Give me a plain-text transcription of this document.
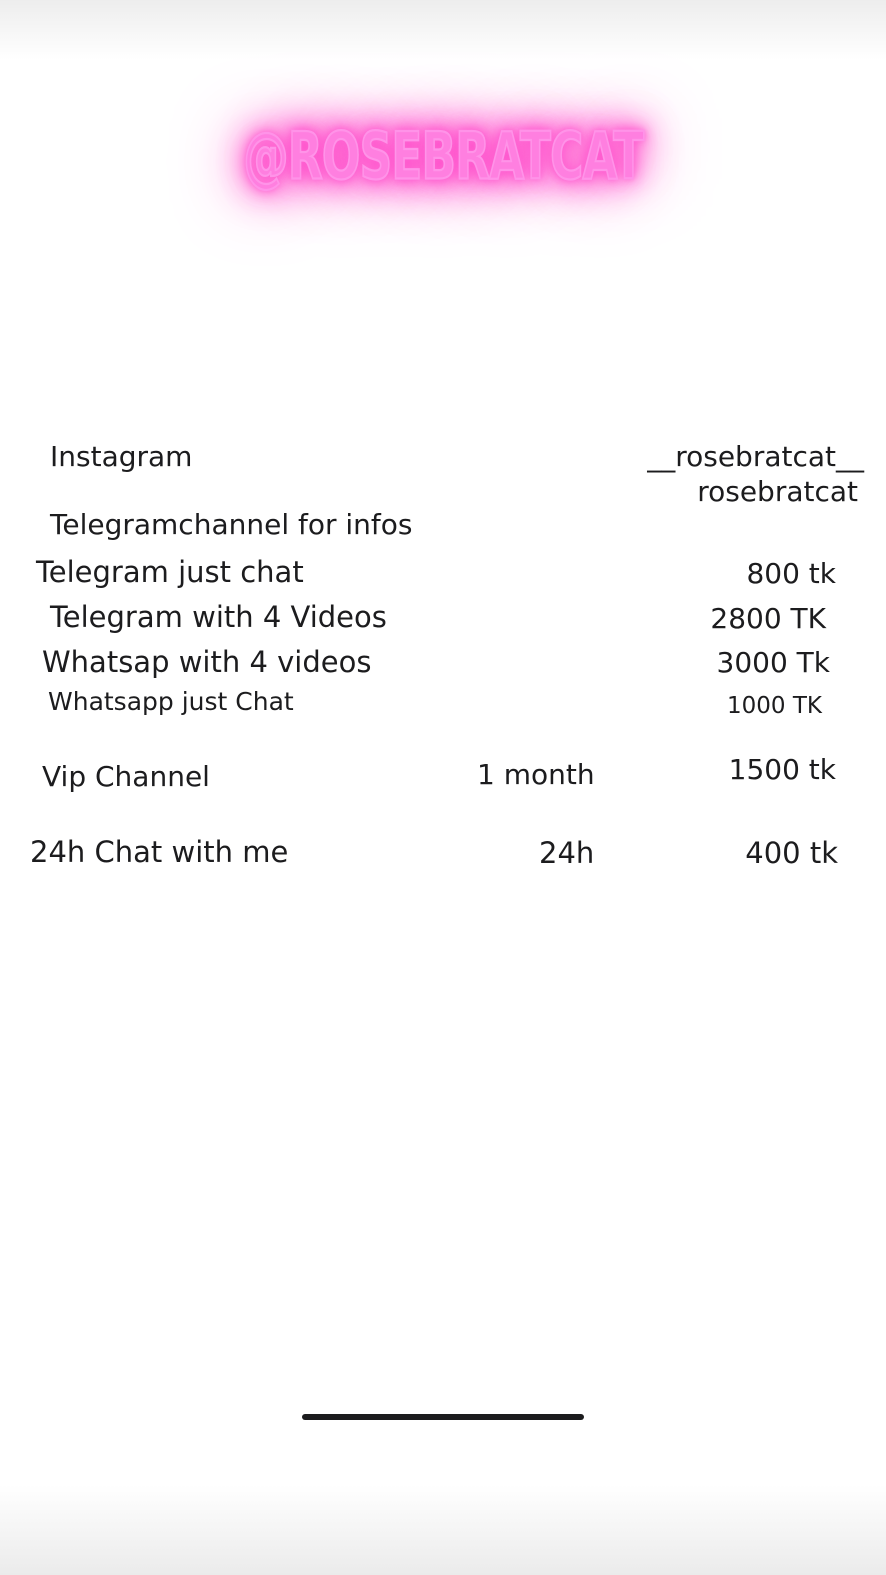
@ROSEBRATCAT
Instagram	__rosebratcat__
rosebratcat
Telegramchannel for infos
Telegram just chat	800 tk
Telegram with 4 Videos	2800 TK
Whatsap with 4 videos	3000 Tk
Whatsapp just Chat	1000 TK
Vip Channel	1 month	1500 tk
24h Chat with me	24h	400 tk
